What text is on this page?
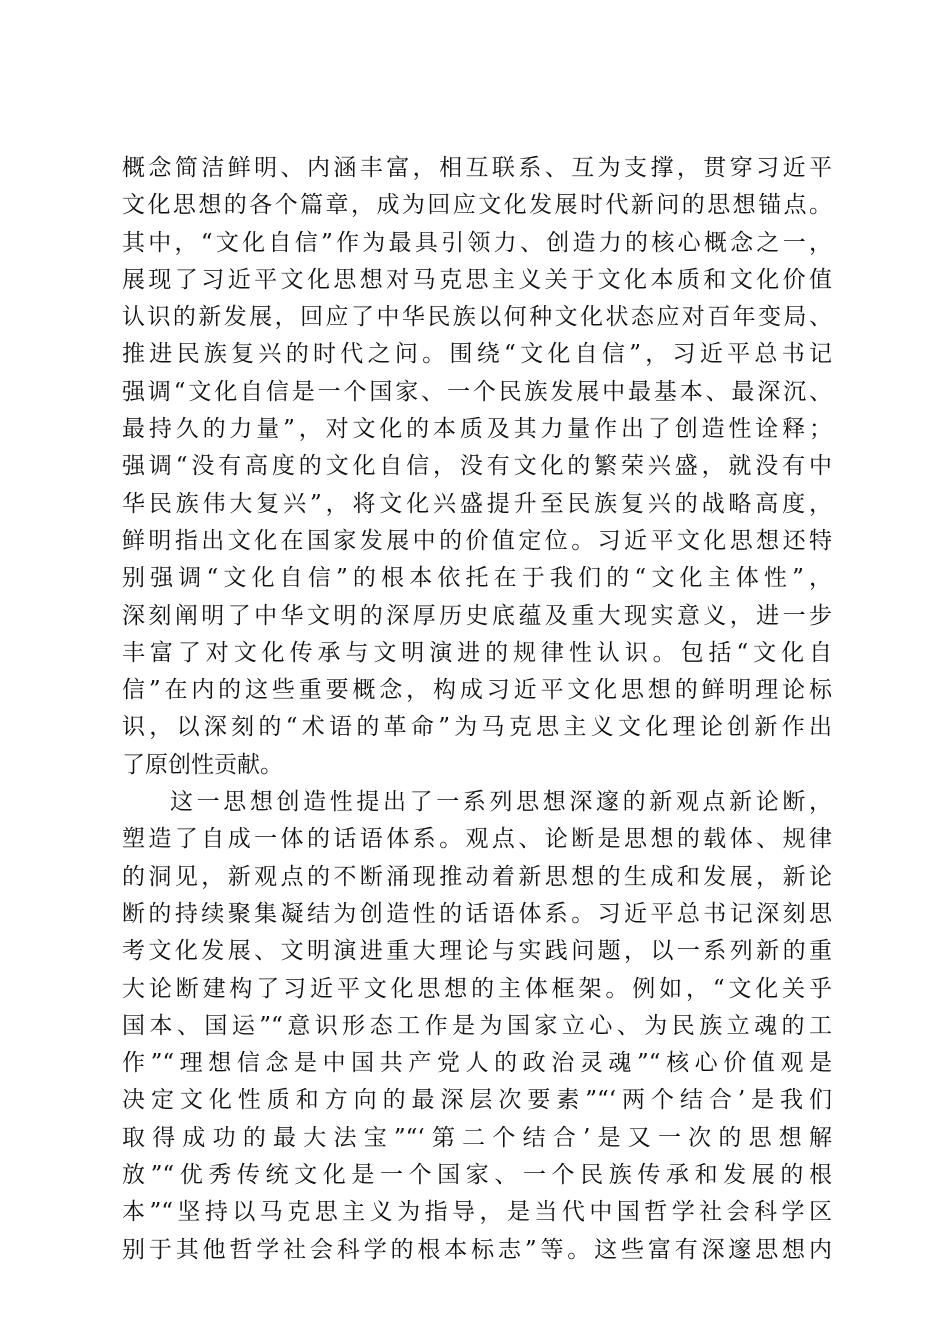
概念简洁鲜明、内涵丰富，相互联系、互为支撑，贯穿习近平
文化思想的各个篇章，成为回应文化发展时代新问的思想锚点。
其中，“文化自信”作为最具引领力、创造力的核心概念之一，
展现了习近平文化思想对马克思主义关于文化本质和文化价值
认识的新发展，回应了中华民族以何种文化状态应对百年变局、
推进民族复兴的时代之问。围绕“文化自信”，习近平总书记
强调“文化自信是一个国家、一个民族发展中最基本、最深沉、
最持久的力量”，对文化的本质及其力量作出了创造性诠释；
强调“没有高度的文化自信，没有文化的繁荣兴盛，就没有中
华民族伟大复兴”，将文化兴盛提升至民族复兴的战略高度，
鲜明指出文化在国家发展中的价值定位。习近平文化思想还特
别强调“文化自信”的根本依托在于我们的“文化主体性”，
深刻阐明了中华文明的深厚历史底蕴及重大现实意义，进一步
丰富了对文化传承与文明演进的规律性认识。包括“文化自
信”在内的这些重要概念，构成习近平文化思想的鲜明理论标
识，以深刻的“术语的革命”为马克思主义文化理论创新作出
了原创性贡献。
这一思想创造性提出了一系列思想深邃的新观点新论断，
塑造了自成一体的话语体系。观点、论断是思想的载体、规律
的洞见，新观点的不断涌现推动着新思想的生成和发展，新论
断的持续聚集凝结为创造性的话语体系。习近平总书记深刻思
考文化发展、文明演进重大理论与实践问题，以一系列新的重
大论断建构了习近平文化思想的主体框架。例如，“文化关乎
国本、国运”“意识形态工作是为国家立心、为民族立魂的工
作”“理想信念是中国共产党人的政治灵魂”“核心价值观是
决定文化性质和方向的最深层次要素”“‘两个结合’是我们
取得成功的最大法宝”“‘第二个结合’是又一次的思想解
放”“优秀传统文化是一个国家、一个民族传承和发展的根
本”“坚持以马克思主义为指导，是当代中国哲学社会科学区
别于其他哲学社会科学的根本标志”等。这些富有深邃思想内
